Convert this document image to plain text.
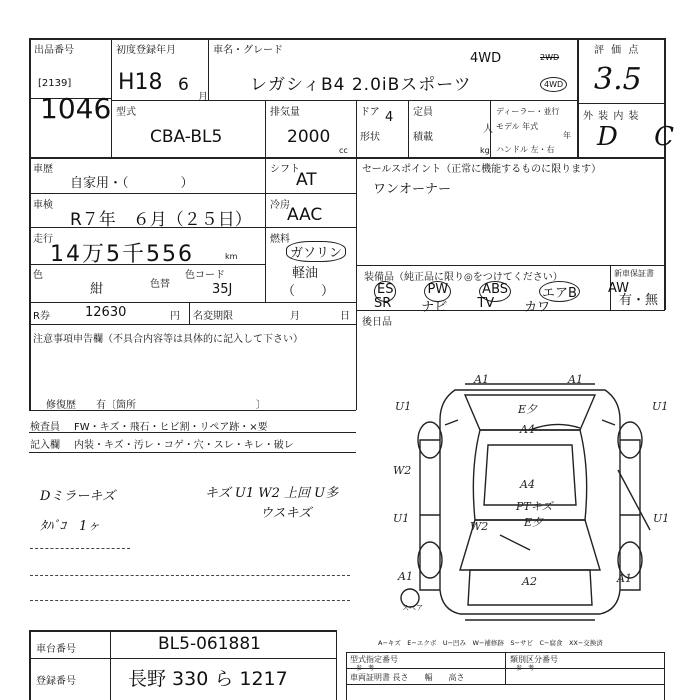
出品番号
[2139]
1046
初度登録年月
H18 6
月
車名・グレード
4WD	2WD
4WD
レガシィB4 2.0iBスポーツ
評 価 点
3.5
外 装 内 装
D C
型式
CBA-BL5
排気量
2000
cc
ドア 4
形状
定員
人
積載
kg
ディーラー・並行
モデル 年式
年
ハンドル 左・右
車歴
自家用・（　　　　）
シフト
AT
車検
R７年　６月（２５日）
冷房
AAC
走行
14万5千556	km
燃料
ガソリン
軽油
（　　）
色
紺	色替
色コード
35J
R券	12630	円 名変期限	月	日
セールスポイント（正常に機能するものに限ります）
ワンオーナー
装備品（純正品に限り◎をつけてください）
ES	PW	ABS	エアB AW
SR ナビ TV カワ
新車保証書
有・無
後日品
注意事項申告欄（不具合内容等は具体的に記入して下さい）
修復歴　　有〔箇所　　　　　　　　　　　　〕
検査員 FW・キズ・飛石・ヒビ割・リペア跡・×要
記入欄 内装・キズ・汚レ・コゲ・穴・スレ・キレ・破レ
Dミラーキズ
ﾀﾊﾞｺ　1ヶ
キズ U1 W2 上回 U多
ウスキズ
A1	A1
U1	E夕
A4
U1
W2
A4
U1
PTキズ
E夕
W2
U1
A1	A2	A1
スペア
A−キズ　E−エクボ　U−凹み　W−補修跡　S−サビ　C−腐食　XX−交換済
車台番号	BL5-061881
登録番号	長野 330 ら 1217
型式指定番号
参　考
類別区分番号
参　考
車両証明書 長さ　　幅　　高さ
